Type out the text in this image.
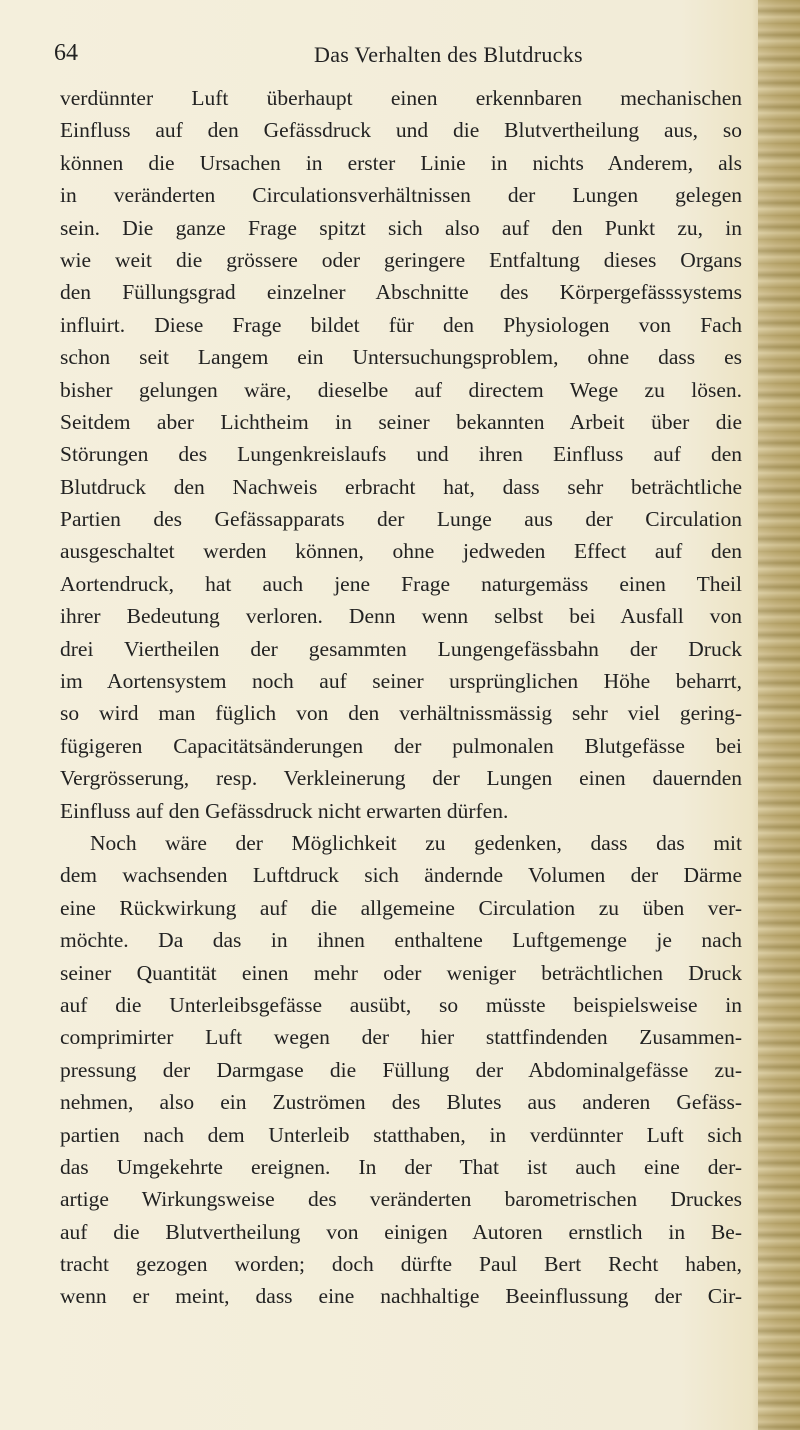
64	Das Verhalten des Blutdrucks
verdünnter Luft überhaupt einen erkennbaren mechanischen
Einfluss auf den Gefässdruck und die Blutvertheilung aus, so
können die Ursachen in erster Linie in nichts Anderem, als
in veränderten Circulationsverhältnissen der Lungen gelegen
sein. Die ganze Frage spitzt sich also auf den Punkt zu, in
wie weit die grössere oder geringere Entfaltung dieses Organs
den Füllungsgrad einzelner Abschnitte des Körpergefässsystems
influirt. Diese Frage bildet für den Physiologen von Fach
schon seit Langem ein Untersuchungsproblem, ohne dass es
bisher gelungen wäre, dieselbe auf directem Wege zu lösen.
Seitdem aber Lichtheim in seiner bekannten Arbeit über die
Störungen des Lungenkreislaufs und ihren Einfluss auf den
Blutdruck den Nachweis erbracht hat, dass sehr beträchtliche
Partien des Gefässapparats der Lunge aus der Circulation
ausgeschaltet werden können, ohne jedweden Effect auf den
Aortendruck, hat auch jene Frage naturgemäss einen Theil
ihrer Bedeutung verloren. Denn wenn selbst bei Ausfall von
drei Viertheilen der gesammten Lungengefässbahn der Druck
im Aortensystem noch auf seiner ursprünglichen Höhe beharrt,
so wird man füglich von den verhältnissmässig sehr viel gering-
fügigeren Capacitätsänderungen der pulmonalen Blutgefässe bei
Vergrösserung, resp. Verkleinerung der Lungen einen dauernden
Einfluss auf den Gefässdruck nicht erwarten dürfen.
Noch wäre der Möglichkeit zu gedenken, dass das mit
dem wachsenden Luftdruck sich ändernde Volumen der Därme
eine Rückwirkung auf die allgemeine Circulation zu üben ver-
möchte. Da das in ihnen enthaltene Luftgemenge je nach
seiner Quantität einen mehr oder weniger beträchtlichen Druck
auf die Unterleibsgefässe ausübt, so müsste beispielsweise in
comprimirter Luft wegen der hier stattfindenden Zusammen-
pressung der Darmgase die Füllung der Abdominalgefässe zu-
nehmen, also ein Zuströmen des Blutes aus anderen Gefäss-
partien nach dem Unterleib statthaben, in verdünnter Luft sich
das Umgekehrte ereignen. In der That ist auch eine der-
artige Wirkungsweise des veränderten barometrischen Druckes
auf die Blutvertheilung von einigen Autoren ernstlich in Be-
tracht gezogen worden; doch dürfte Paul Bert Recht haben,
wenn er meint, dass eine nachhaltige Beeinflussung der Cir-
